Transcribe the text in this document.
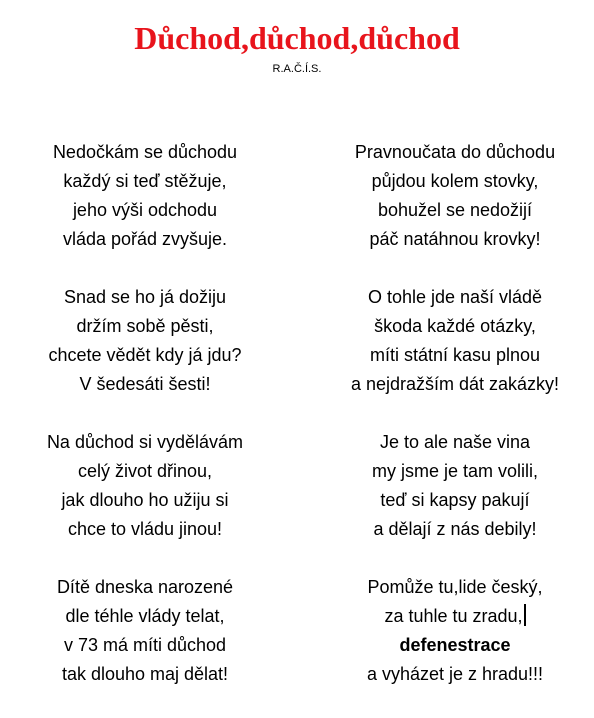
Důchod,důchod,důchod
R.A.Č.Í.S.
Nedočkám se důchodu
každý si teď stěžuje,
jeho výši odchodu
vláda pořád zvyšuje.
Snad se ho já dožiju
držím sobě pěsti,
chcete vědět kdy já jdu?
V šedesáti šesti!
Na důchod si vydělávám
celý život dřinou,
jak dlouho ho užiju si
chce to vládu jinou!
Dítě dneska narozené
dle téhle vlády telat,
v 73 má míti důchod
tak dlouho maj dělat!
Pravnoučata do důchodu
půjdou kolem stovky,
bohužel se nedožijí
páč natáhnou krovky!
O tohle jde naší vládě
škoda každé otázky,
míti státní kasu plnou
a nejdražším dát zakázky!
Je to ale naše vina
my jsme je tam volili,
teď si kapsy pakují
a dělají z nás debily!
Pomůže tu,lide český,
za tuhle tu zradu,
defenestrace
a vyházet je z hradu!!!
